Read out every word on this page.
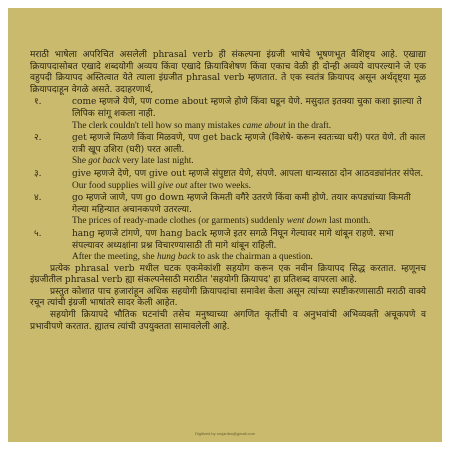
मराठी भाषेला अपरिचित असलेली phrasal verb ही संकल्पना इंग्रजी भाषेचे भूषणभूत वैशिष्ट्य आहे. एखाद्या क्रियापदासोबत एखादे शब्दयोगी अव्यय किंवा एखादे क्रियाविशेषण किंवा एकाच वेळी ही दोन्ही अव्यये वापरल्याने जे एक वहुपदी क्रियापद अस्तित्वात येते त्याला इंग्रजीत phrasal verb म्हणतात. ते एक स्वतंत्र क्रियापद असून अर्थदृष्ट्या मूळ क्रियापदाहून वेगळे असते. उदाहरणार्थ,

१.	come म्हणजे येणे, पण come about म्हणजे होणे किंवा घडून येणे. मसुदात इतक्या चुका कशा झाल्या ते लिपिक सांगू शकला नाही.

The clerk couldn't tell how so many mistakes came about in the draft.

२.	get म्हणजे मिळणे किंवा मिळवणे, पण get back म्हणजे (विशेषे- करून स्वतःच्या घरी) परत येणे. ती काल रात्री खूप उशिरा (घरी) परत आली.

She got back very late last night.

३.	give म्हणजे देणे, पण give out म्हणजे संपुष्टात येणे, संपणे. आपला धान्यसाठा दोन आठवड्यांनंतर संपेल.

Our food supplies will give out after two weeks.

४.	go म्हणजे जाणे, पण go down म्हणजे किमती वगैरे उतरणे किंवा कमी होणे. तयार कपड्यांच्या किमती गेल्या महिन्यात अचानकपणे उतरल्या.

The prices of ready-made clothes (or garments) suddenly went down last month.

५.	hang म्हणजे टांगणे, पण hang back म्हणजे इतर सगळे निघून गेल्यावर मागे थांबून राहणे. सभा संपल्यावर अध्यक्षांना प्रश्न विचारण्यासाठी ती मागे थांबून राहिली.

After the meeting, she hung back to ask the chairman a question.

प्रत्येक phrasal verb मधील घटक एकमेकांशी सहयोग करून एक नवीन क्रियापद सिद्ध करतात. म्हणूनच इंग्रजीतील phrasal verb ह्या संकल्पनेसाठी मराठीत 'सहयोगी क्रियापद' हा प्रतिशब्द वापरला आहे.

प्रस्तुत कोशात पाच हजारांहून अधिक सहयोगी क्रियापदांचा समावेश केला असून त्यांच्या स्पष्टीकरणासाठी मराठी वाक्ये रचून त्यांची इंग्रजी भाषांतरे सादर केली आहेत.

सहयोगी क्रियापदे भौतिक घटनांची तसेच मनुष्याच्या अगणित कृतींची व अनुभवांची अभिव्यक्ती अचूकपणे व प्रभावीपणे करतात. ह्यातच त्यांची उपयुक्तता सामावलेली आहे.

Digitized by srujanika@gmail.com
